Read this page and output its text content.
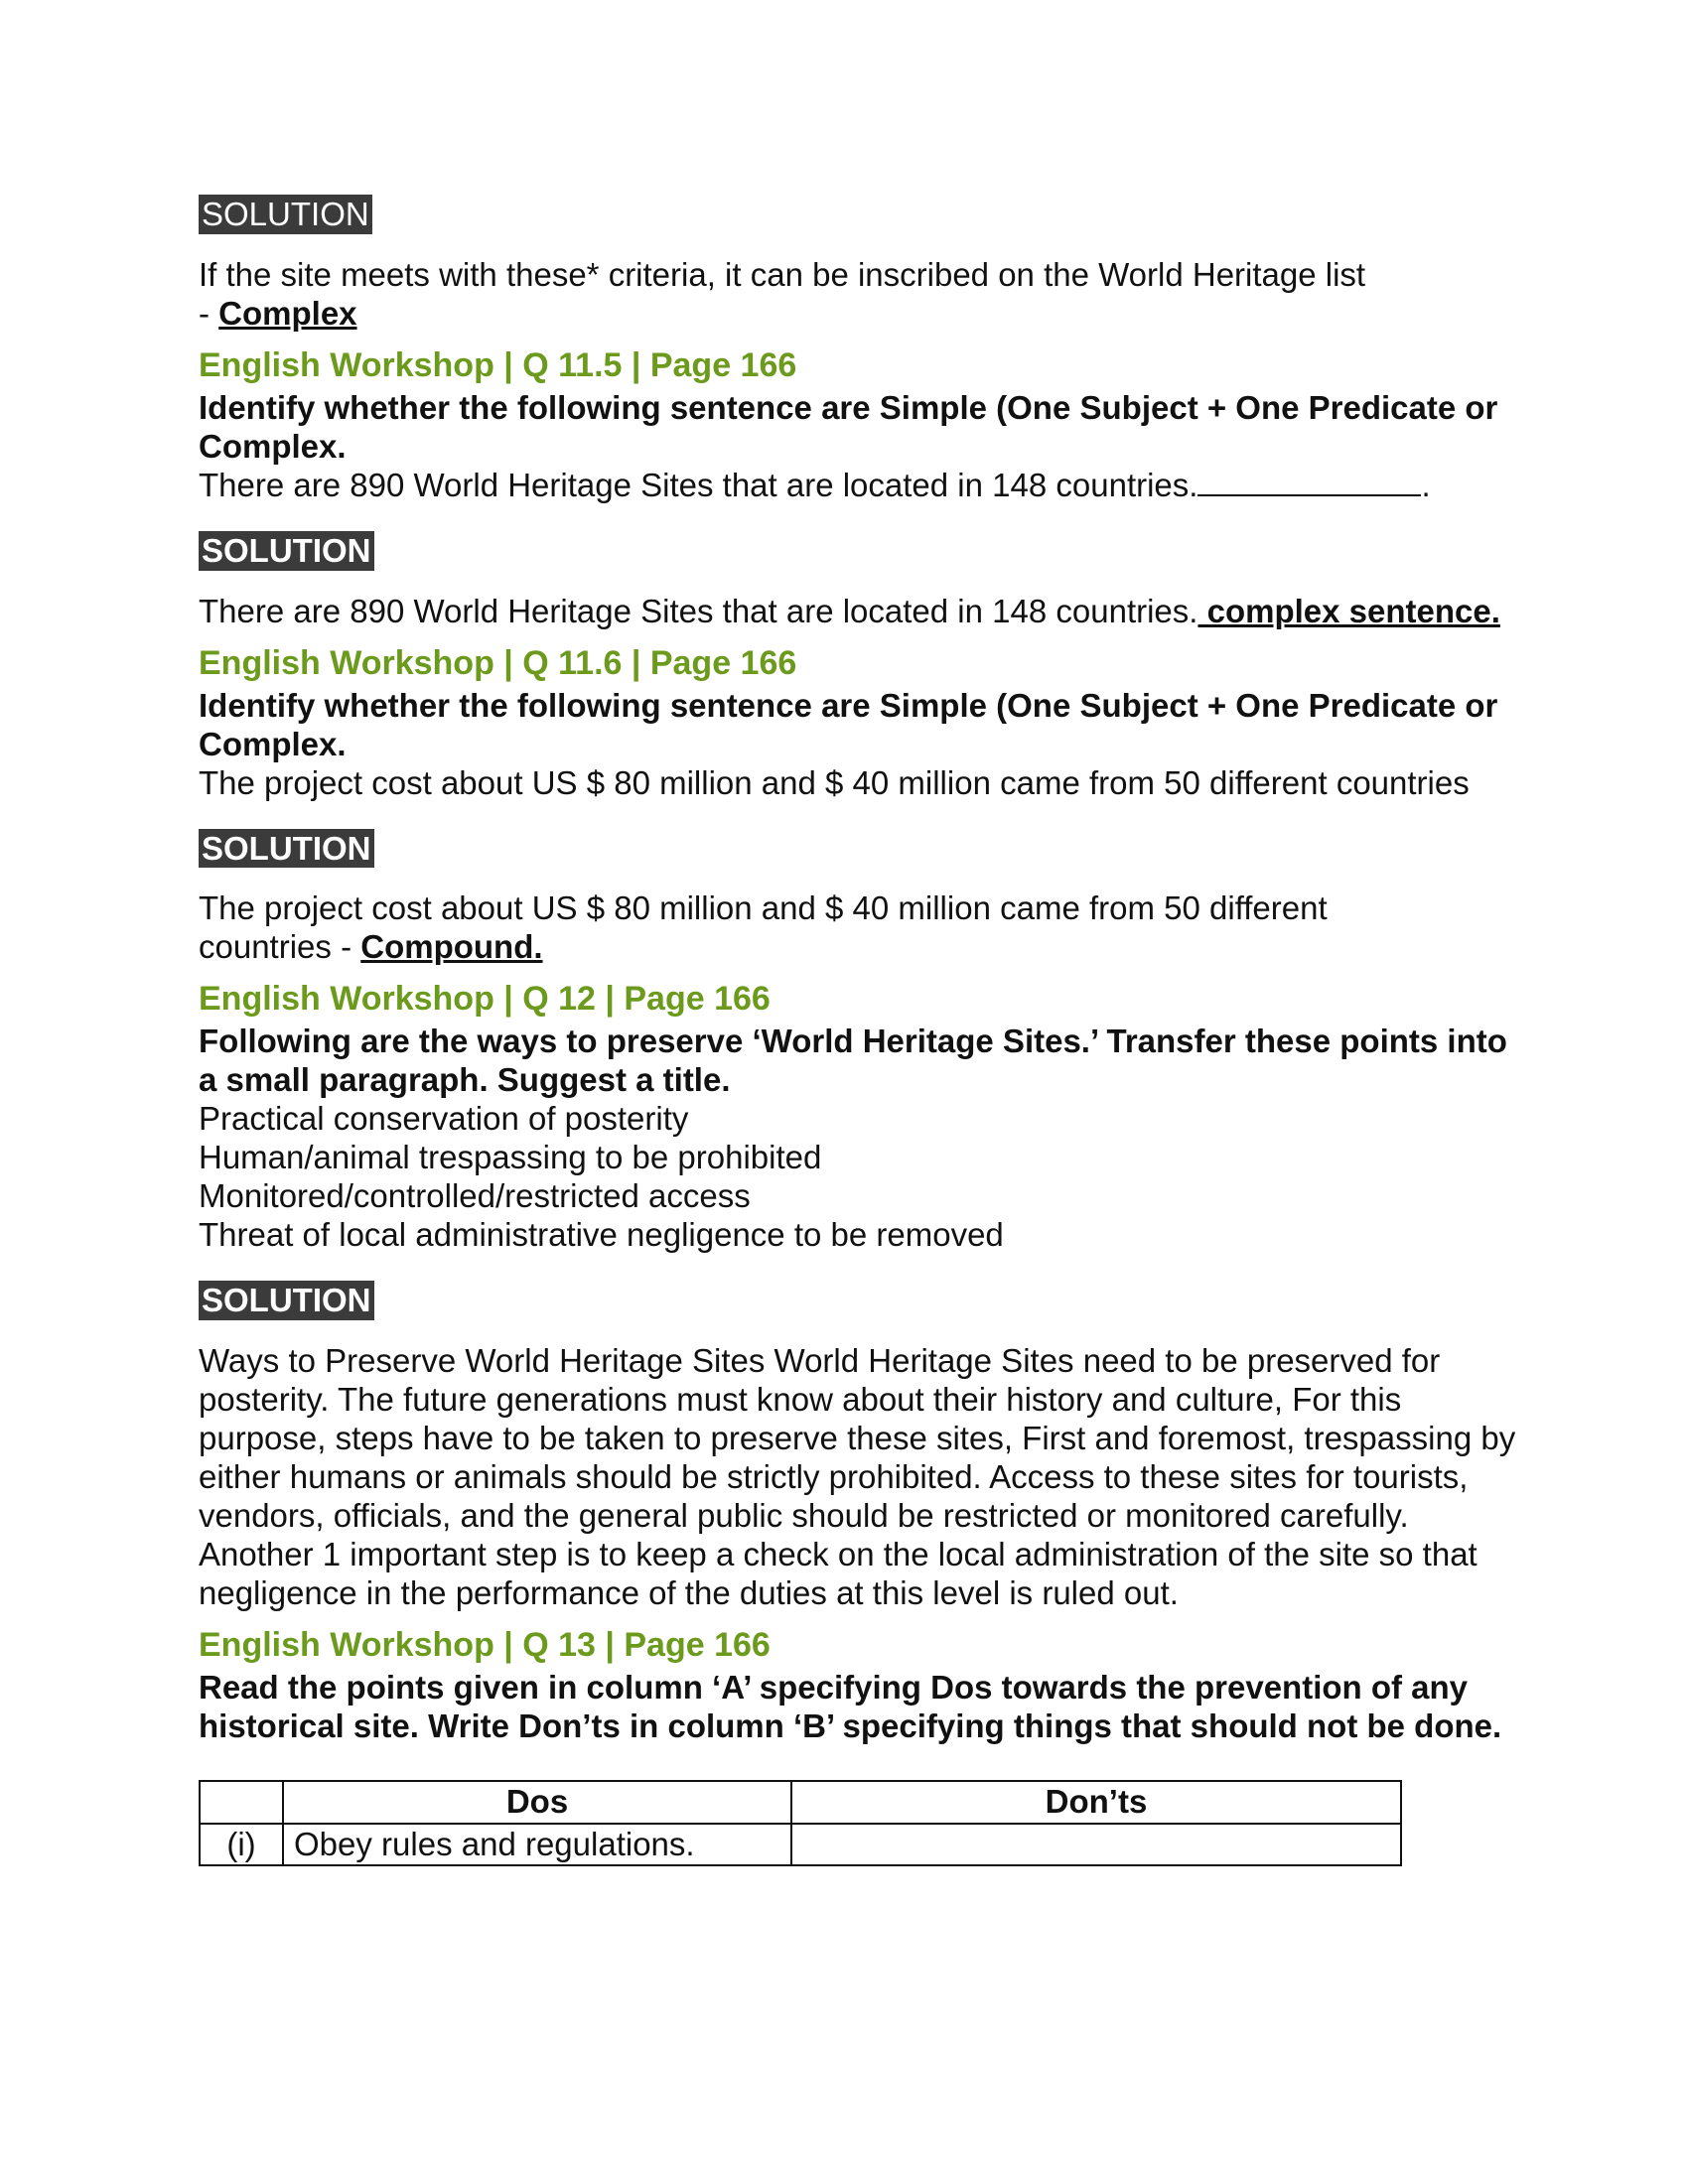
SOLUTION

If the site meets with these* criteria, it can be inscribed on the World Heritage list
- Complex

English Workshop | Q 11.5 | Page 166
Identify whether the following sentence are Simple (One Subject + One Predicate or Complex.

There are 890 World Heritage Sites that are located in 148 countries.	.

SOLUTION

There are 890 World Heritage Sites that are located in 148 countries. complex sentence.

English Workshop | Q 11.6 | Page 166
Identify whether the following sentence are Simple (One Subject + One Predicate or Complex.

The project cost about US $ 80 million and $ 40 million came from 50 different countries

SOLUTION

The project cost about US $ 80 million and $ 40 million came from 50 different countries - Compound.

English Workshop | Q 12 | Page 166
Following are the ways to preserve ‘World Heritage Sites.’ Transfer these points into a small paragraph. Suggest a title.
Practical conservation of posterity
Human/animal trespassing to be prohibited
Monitored/controlled/restricted access
Threat of local administrative negligence to be removed
SOLUTION

Ways to Preserve World Heritage Sites World Heritage Sites need to be preserved for posterity. The future generations must know about their history and culture, For this purpose, steps have to be taken to preserve these sites, First and foremost, trespassing by either humans or animals should be strictly prohibited. Access to these sites for tourists, vendors, officials, and the general public should be restricted or monitored carefully. Another 1 important step is to keep a check on the local administration of the site so that negligence in the performance of the duties at this level is ruled out.

English Workshop | Q 13 | Page 166
Read the points given in column ‘A’ specifying Dos towards the prevention of any historical site. Write Don’ts in column ‘B’ specifying things that should not be done.
	Dos	Don’ts
(i)	Obey rules and regulations.	
